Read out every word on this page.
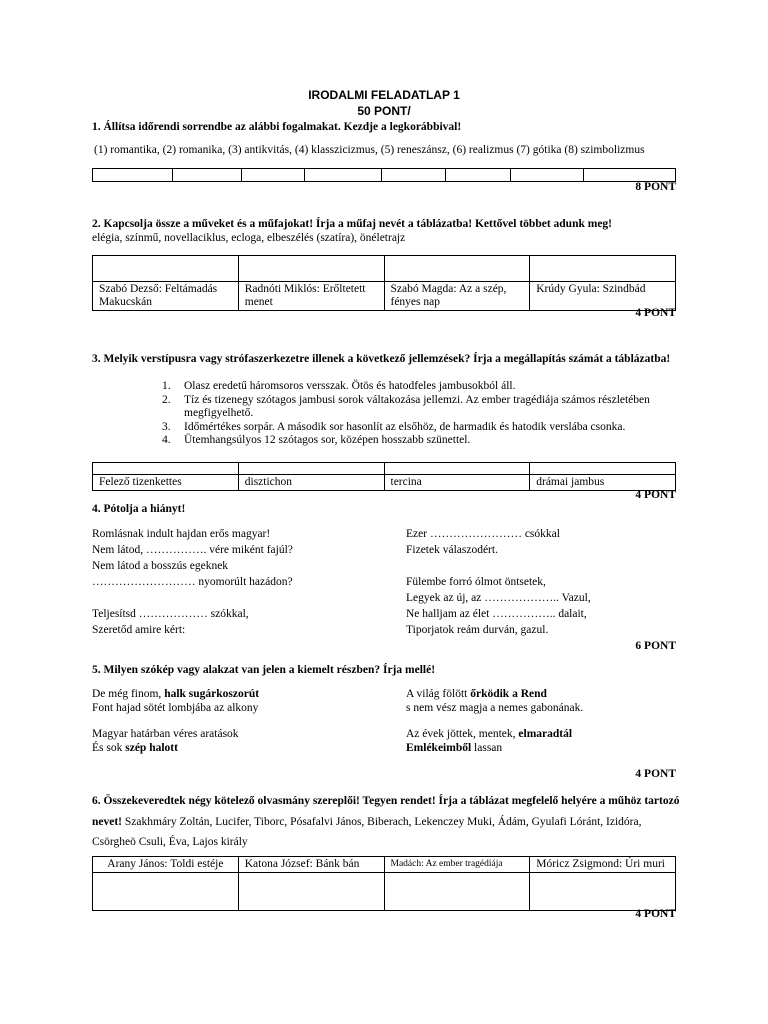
IRODALMI FELADATLAP 1
50 PONT/
1. Állítsa időrendi sorrendbe az alábbi fogalmakat. Kezdje a legkorábbival!
(1) romantika, (2) romanika, (3) antikvitás, (4) klasszicizmus, (5) reneszánsz, (6) realizmus (7) gótika (8) szimbolizmus

8 PONT
2. Kapcsolja össze a műveket és a műfajokat! Írja a műfaj nevét a táblázatba! Kettővel többet adunk meg!
elégia, színmű, novellaciklus, ecloga, elbeszélés (szatíra), önéletrajz

Szabó Dezső: Feltámadás Makucskán	Radnóti Miklós: Erőltetett menet	Szabó Magda: Az a szép, fényes nap	Krúdy Gyula: Szindbád
4 PONT
3. Melyik verstípusra vagy strófaszerkezetre illenek a következő jellemzések? Írja a megállapítás számát a táblázatba!
1. Olasz eredetű háromsoros versszak. Ötös és hatodfeles jambusokból áll.
2. Tíz és tizenegy szótagos jambusi sorok váltakozása jellemzi. Az ember tragédiája számos részletében megfigyelhető.
3. Időmértékes sorpár. A második sor hasonlít az elsőhöz, de harmadik és hatodik verslába csonka.
4. Ütemhangsúlyos 12 szótagos sor, középen hosszabb szünettel.

Felező tizenkettes	disztichon	tercina	drámai jambus
4 PONT
4. Pótolja a hiányt!
Romlásnak indult hajdan erős magyar!
Nem látod, ……………. vére miként fajúl?
Nem látod a bosszús egeknek
……………………… nyomorúlt hazádon?
Teljesítsd ……………… szókkal,
Szeretőd amire kért:
Ezer …………………… csókkal
Fizetek válaszodért.
Fülembe forró ólmot öntsetek,
Legyek az új, az ……………….. Vazul,
Ne halljam az élet …………….. dalait,
Tiporjatok reám durván, gazul.
6 PONT
5. Milyen szókép vagy alakzat van jelen a kiemelt részben? Írja mellé!
De még finom, halk sugárkoszorút
Font hajad sötét lombjába az alkony
A világ fölött őrködik a Rend
s nem vész magja a nemes gabonának.
Magyar határban véres aratások
És sok szép halott
Az évek jöttek, mentek, elmaradtál
Emlékeimből lassan
4 PONT
6. Összekeveredtek négy kötelező olvasmány szereplői! Tegyen rendet! Írja a táblázat megfelelő helyére a műhöz tartozó nevet! Szakhmáry Zoltán, Lucifer, Tiborc, Pósafalvi János, Biberach, Lekenczey Muki, Ádám, Gyulafi Lóránt, Izidóra, Csörgheö Csuli, Éva, Lajos király
Arany János: Toldi estéje	Katona József: Bánk bán	Madách: Az ember tragédiája	Móricz Zsigmond: Úri muri

4 PONT
